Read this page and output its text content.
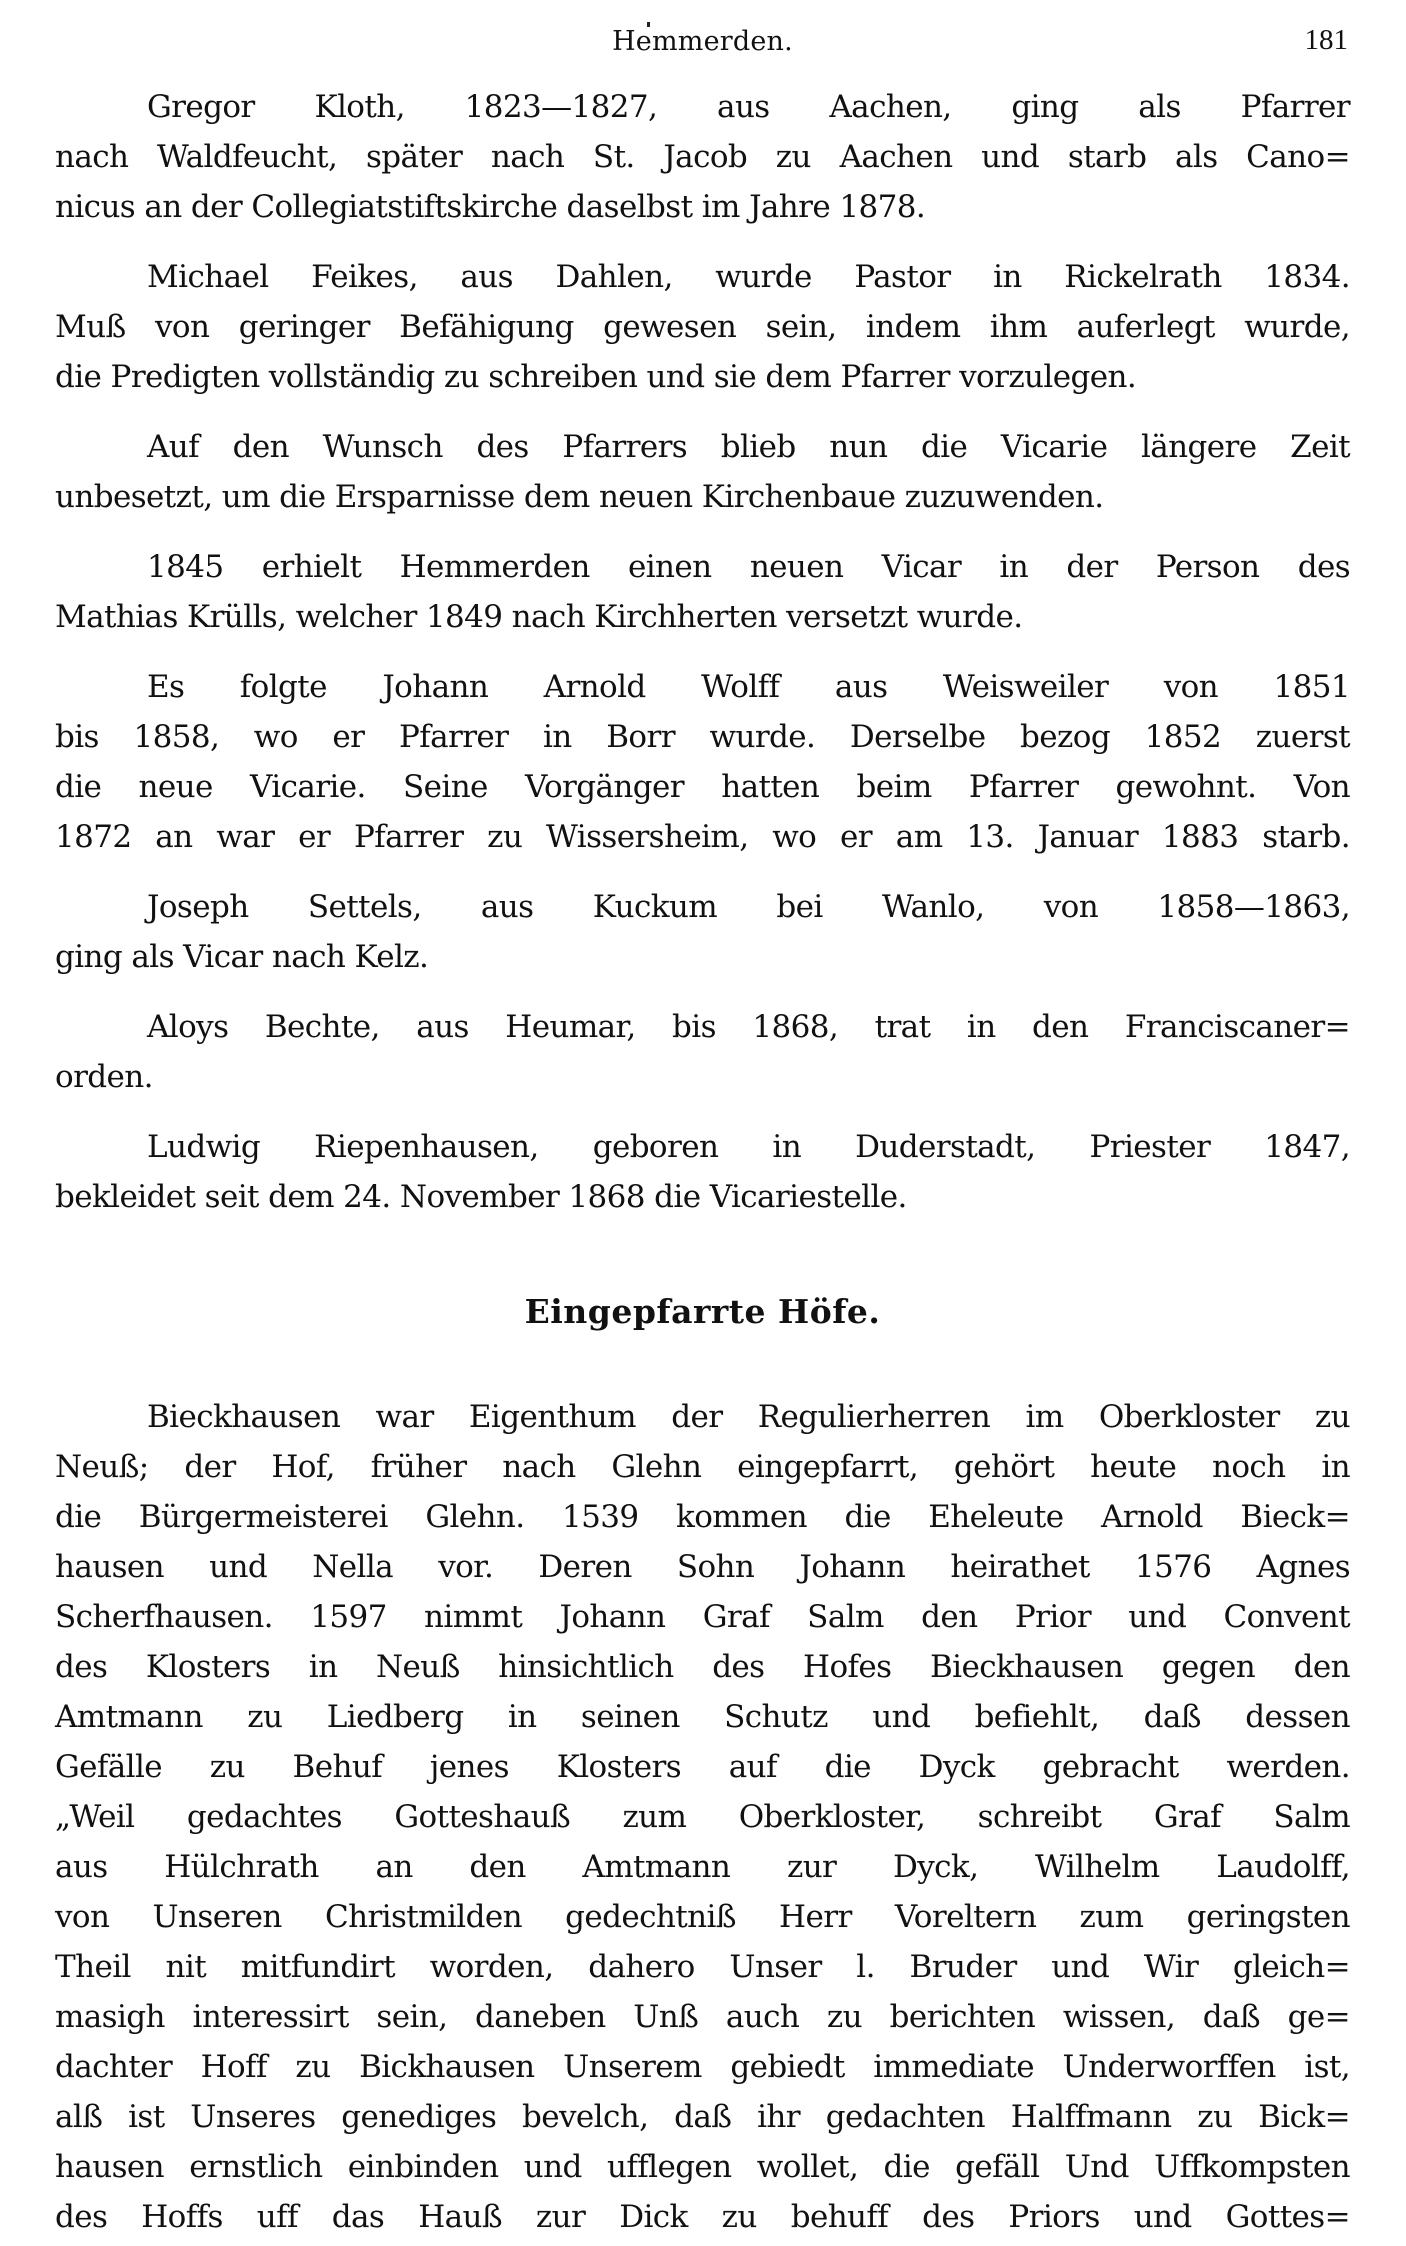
Hemmerden.	181
Gregor Kloth, 1823—1827, aus Aachen, ging als Pfarrer
nach Waldfeucht, später nach St. Jacob zu Aachen und starb als Cano=
nicus an der Collegiatstiftskirche daselbst im Jahre 1878.
Michael Feikes, aus Dahlen, wurde Pastor in Rickelrath 1834.
Muß von geringer Befähigung gewesen sein, indem ihm auferlegt wurde,
die Predigten vollständig zu schreiben und sie dem Pfarrer vorzulegen.
Auf den Wunsch des Pfarrers blieb nun die Vicarie längere Zeit
unbesetzt, um die Ersparnisse dem neuen Kirchenbaue zuzuwenden.
1845 erhielt Hemmerden einen neuen Vicar in der Person des
Mathias Krülls, welcher 1849 nach Kirchherten versetzt wurde.
Es folgte Johann Arnold Wolff aus Weisweiler von 1851
bis 1858, wo er Pfarrer in Borr wurde. Derselbe bezog 1852 zuerst
die neue Vicarie. Seine Vorgänger hatten beim Pfarrer gewohnt. Von
1872 an war er Pfarrer zu Wissersheim, wo er am 13. Januar 1883 starb.
Joseph Settels, aus Kuckum bei Wanlo, von 1858—1863,
ging als Vicar nach Kelz.
Aloys Bechte, aus Heumar, bis 1868, trat in den Franciscaner=
orden.
Ludwig Riepenhausen, geboren in Duderstadt, Priester 1847,
bekleidet seit dem 24. November 1868 die Vicariestelle.
Eingepfarrte Höfe.
Bieckhausen war Eigenthum der Regulierherren im Oberkloster zu
Neuß; der Hof, früher nach Glehn eingepfarrt, gehört heute noch in
die Bürgermeisterei Glehn. 1539 kommen die Eheleute Arnold Bieck=
hausen und Nella vor. Deren Sohn Johann heirathet 1576 Agnes
Scherfhausen. 1597 nimmt Johann Graf Salm den Prior und Convent
des Klosters in Neuß hinsichtlich des Hofes Bieckhausen gegen den
Amtmann zu Liedberg in seinen Schutz und befiehlt, daß dessen
Gefälle zu Behuf jenes Klosters auf die Dyck gebracht werden.
„Weil gedachtes Gotteshauß zum Oberkloster, schreibt Graf Salm
aus Hülchrath an den Amtmann zur Dyck, Wilhelm Laudolff,
von Unseren Christmilden gedechtniß Herr Voreltern zum geringsten
Theil nit mitfundirt worden, dahero Unser l. Bruder und Wir gleich=
masigh interessirt sein, daneben Unß auch zu berichten wissen, daß ge=
dachter Hoff zu Bickhausen Unserem gebiedt immediate Underworffen ist,
alß ist Unseres genediges bevelch, daß ihr gedachten Halffmann zu Bick=
hausen ernstlich einbinden und ufflegen wollet, die gefäll Und Uffkompsten
des Hoffs uff das Hauß zur Dick zu behuff des Priors und Gottes=
